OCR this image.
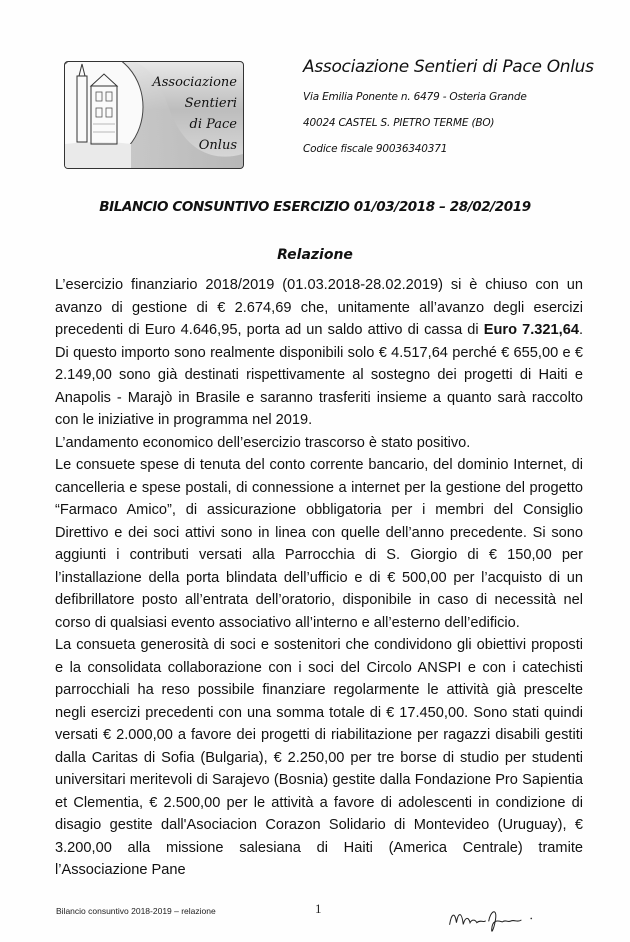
Associazione
Sentieri
di Pace
Onlus
Associazione Sentieri di Pace Onlus
Via Emilia Ponente n. 6479 - Osteria Grande
40024 CASTEL S. PIETRO TERME (BO)
Codice fiscale 90036340371
BILANCIO CONSUNTIVO ESERCIZIO 01/03/2018 – 28/02/2019
Relazione

L’esercizio finanziario 2018/2019 (01.03.2018-28.02.2019) si è chiuso con un avanzo di gestione di € 2.674,69 che, unitamente all’avanzo degli esercizi precedenti di Euro 4.646,95, porta ad un saldo attivo di cassa di Euro 7.321,64. Di questo importo sono realmente disponibili solo € 4.517,64 perché € 655,00 e € 2.149,00 sono già destinati rispettivamente al sostegno dei progetti di Haiti e Anapolis - Marajò in Brasile e saranno trasferiti insieme a quanto sarà raccolto con le iniziative in programma nel 2019.

L’andamento economico dell’esercizio trascorso è stato positivo.

Le consuete spese di tenuta del conto corrente bancario, del dominio Internet, di cancelleria e spese postali, di connessione a internet per la gestione del progetto “Farmaco Amico”, di assicurazione obbligatoria per i membri del Consiglio Direttivo e dei soci attivi sono in linea con quelle dell’anno precedente. Si sono aggiunti i contributi versati alla Parrocchia di S. Giorgio di € 150,00 per l’installazione della porta blindata dell’ufficio e di € 500,00 per l’acquisto di un defibrillatore posto all’entrata dell’oratorio, disponibile in caso di necessità nel corso di qualsiasi evento associativo all’interno e all’esterno dell’edificio.

La consueta generosità di soci e sostenitori che condividono gli obiettivi proposti e la consolidata collaborazione con i soci del Circolo ANSPI e con i catechisti parrocchiali ha reso possibile finanziare regolarmente le attività già prescelte negli esercizi precedenti con una somma totale di € 17.450,00. Sono stati quindi versati € 2.000,00 a favore dei progetti di riabilitazione per ragazzi disabili gestiti dalla Caritas di Sofia (Bulgaria), € 2.250,00 per tre borse di studio per studenti universitari meritevoli di Sarajevo (Bosnia) gestite dalla Fondazione Pro Sapientia et Clementia, € 2.500,00 per le attività a favore di adolescenti in condizione di disagio gestite dall'Asociacion Corazon Solidario di Montevideo (Uruguay), € 3.200,00 alla missione salesiana di Haiti (America Centrale) tramite l’Associazione Pane

Bilancio consuntivo 2018-2019 – relazione	1
